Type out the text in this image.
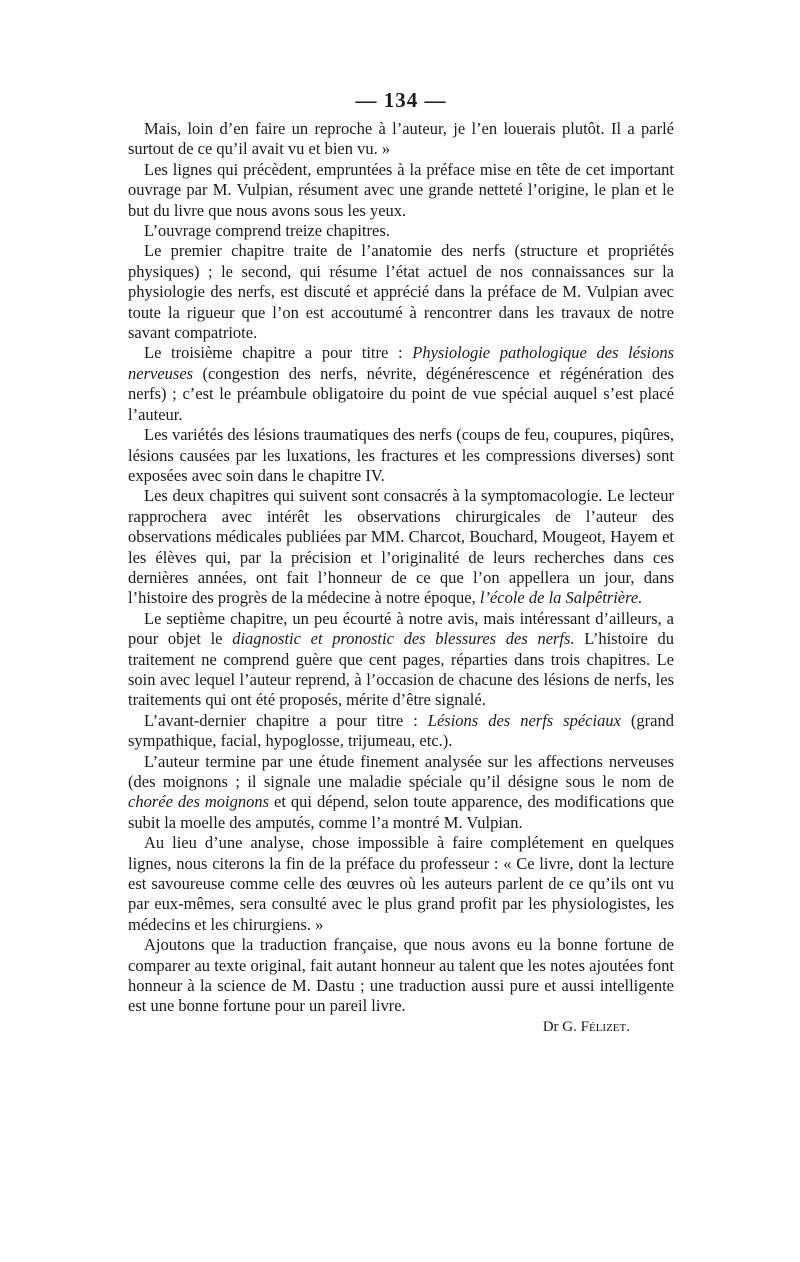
— 134 —

Mais, loin d’en faire un reproche à l’auteur, je l’en louerais plutôt. Il a parlé surtout de ce qu’il avait vu et bien vu. »

Les lignes qui précèdent, empruntées à la préface mise en tête de cet important ouvrage par M. Vulpian, résument avec une grande netteté l’origine, le plan et le but du livre que nous avons sous les yeux.

L’ouvrage comprend treize chapitres.

Le premier chapitre traite de l’anatomie des nerfs (structure et propriétés physiques) ; le second, qui résume l’état actuel de nos connaissances sur la physiologie des nerfs, est discuté et apprécié dans la préface de M. Vulpian avec toute la rigueur que l’on est accoutumé à rencontrer dans les travaux de notre savant compatriote.

Le troisième chapitre a pour titre : Physiologie pathologique des lésions nerveuses (congestion des nerfs, névrite, dégénérescence et régénération des nerfs) ; c’est le préambule obligatoire du point de vue spécial auquel s’est placé l’auteur.

Les variétés des lésions traumatiques des nerfs (coups de feu, coupures, piqûres, lésions causées par les luxations, les fractures et les compressions diverses) sont exposées avec soin dans le chapitre IV.

Les deux chapitres qui suivent sont consacrés à la symptomacologie. Le lecteur rapprochera avec intérêt les observations chirurgicales de l’auteur des observations médicales publiées par MM. Charcot, Bouchard, Mougeot, Hayem et les élèves qui, par la précision et l’originalité de leurs recherches dans ces dernières années, ont fait l’honneur de ce que l’on appellera un jour, dans l’histoire des progrès de la médecine à notre époque, l’école de la Salpêtrière.

Le septième chapitre, un peu écourté à notre avis, mais intéressant d’ailleurs, a pour objet le diagnostic et pronostic des blessures des nerfs. L’histoire du traitement ne comprend guère que cent pages, réparties dans trois chapitres. Le soin avec lequel l’auteur reprend, à l’occasion de chacune des lésions de nerfs, les traitements qui ont été proposés, mérite d’être signalé.

L’avant-dernier chapitre a pour titre : Lésions des nerfs spéciaux (grand sympathique, facial, hypoglosse, trijumeau, etc.).

L’auteur termine par une étude finement analysée sur les affections nerveuses (des moignons ; il signale une maladie spéciale qu’il désigne sous le nom de chorée des moignons et qui dépend, selon toute apparence, des modifications que subit la moelle des amputés, comme l’a montré M. Vulpian.

Au lieu d’une analyse, chose impossible à faire complétement en quelques lignes, nous citerons la fin de la préface du professeur : « Ce livre, dont la lecture est savoureuse comme celle des œuvres où les auteurs parlent de ce qu’ils ont vu par eux-mêmes, sera consulté avec le plus grand profit par les physiologistes, les médecins et les chirurgiens. »

Ajoutons que la traduction française, que nous avons eu la bonne fortune de comparer au texte original, fait autant honneur au talent que les notes ajoutées font honneur à la science de M. Dastu ; une traduction aussi pure et aussi intelligente est une bonne fortune pour un pareil livre.

Dr G. Félizet.
